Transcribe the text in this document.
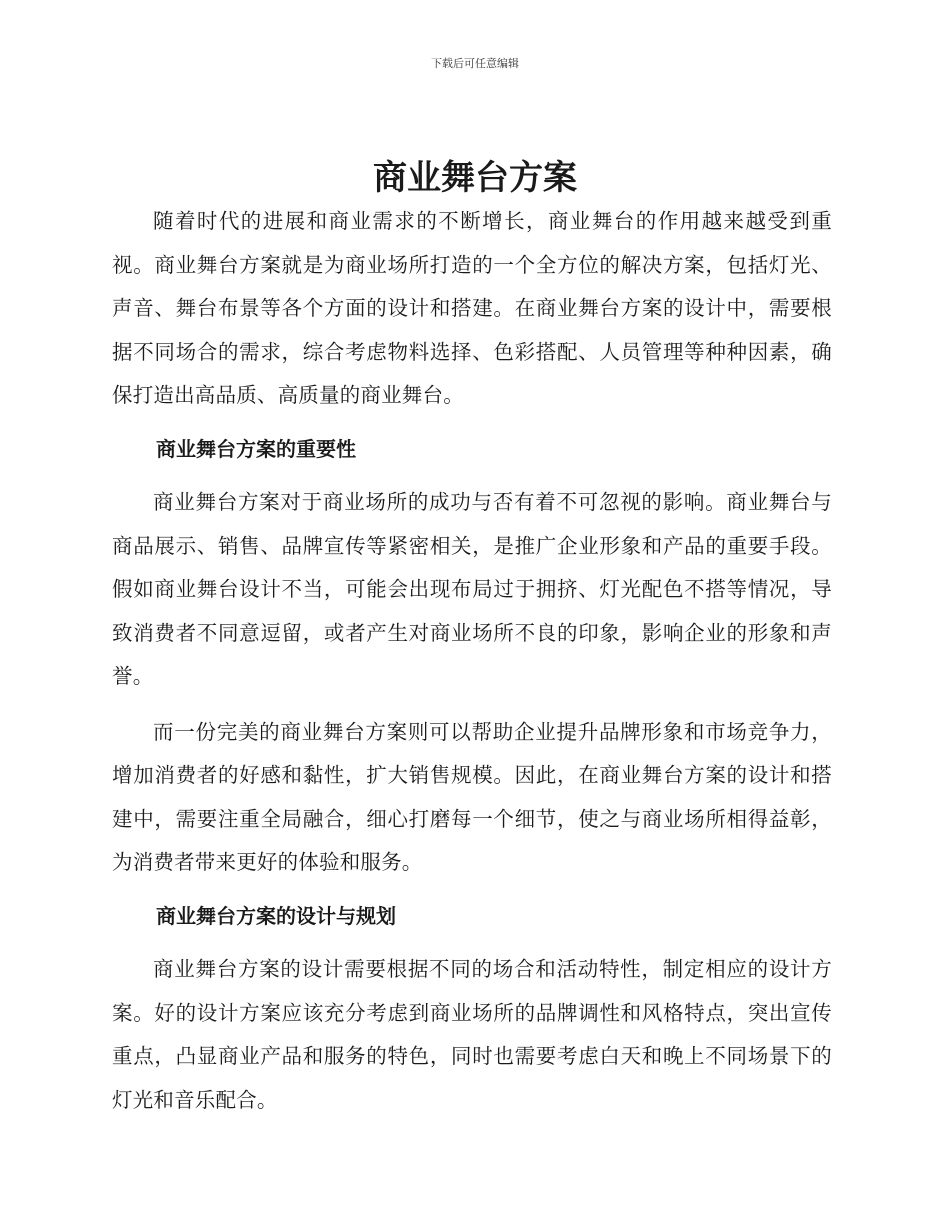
下载后可任意编辑
商业舞台方案

随着时代的进展和商业需求的不断增长，商业舞台的作用越来越受到重视。商业舞台方案就是为商业场所打造的一个全方位的解决方案，包括灯光、声音、舞台布景等各个方面的设计和搭建。在商业舞台方案的设计中，需要根据不同场合的需求，综合考虑物料选择、色彩搭配、人员管理等种种因素，确保打造出高品质、高质量的商业舞台。

商业舞台方案的重要性

商业舞台方案对于商业场所的成功与否有着不可忽视的影响。商业舞台与商品展示、销售、品牌宣传等紧密相关，是推广企业形象和产品的重要手段。假如商业舞台设计不当，可能会出现布局过于拥挤、灯光配色不搭等情况，导致消费者不同意逗留，或者产生对商业场所不良的印象，影响企业的形象和声誉。

而一份完美的商业舞台方案则可以帮助企业提升品牌形象和市场竞争力，增加消费者的好感和黏性，扩大销售规模。因此，在商业舞台方案的设计和搭建中，需要注重全局融合，细心打磨每一个细节，使之与商业场所相得益彰，为消费者带来更好的体验和服务。

商业舞台方案的设计与规划

商业舞台方案的设计需要根据不同的场合和活动特性，制定相应的设计方案。好的设计方案应该充分考虑到商业场所的品牌调性和风格特点，突出宣传重点，凸显商业产品和服务的特色，同时也需要考虑白天和晚上不同场景下的灯光和音乐配合。
